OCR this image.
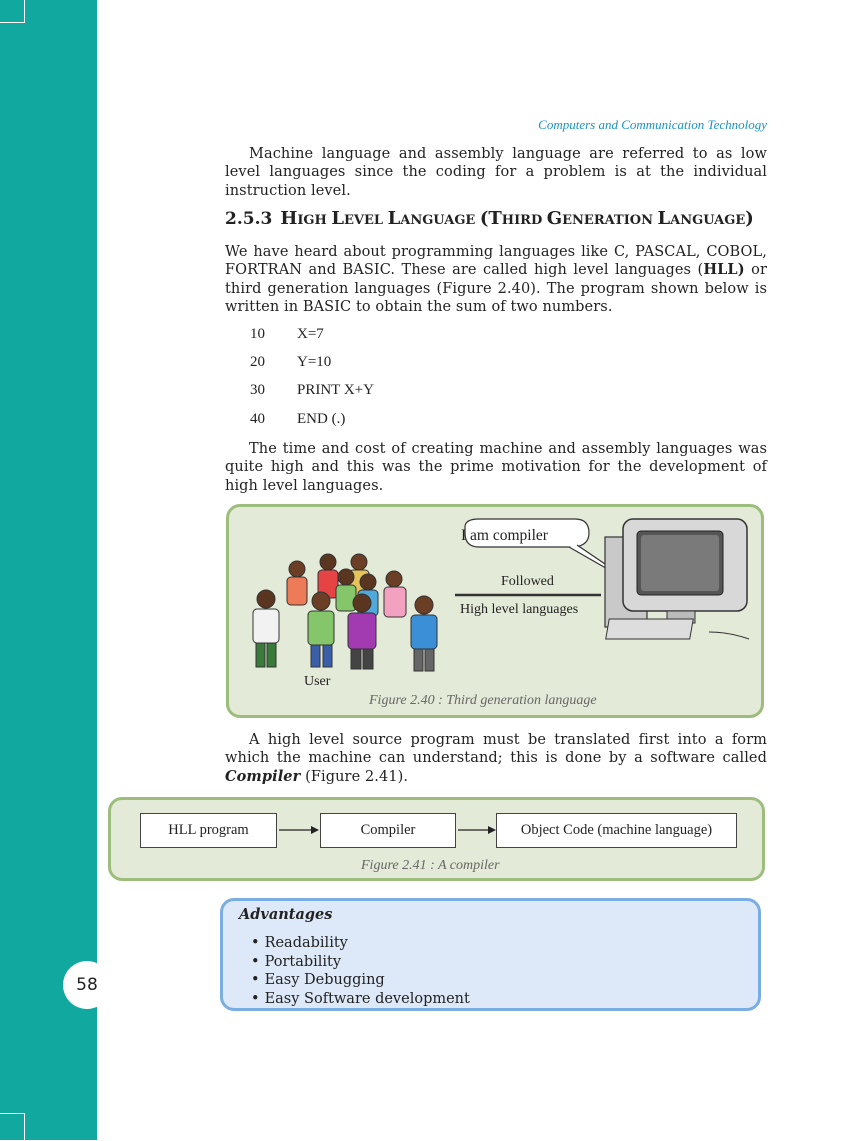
58
Computers and Communication Technology

Machine language and assembly language are referred to as low level languages since the coding for a problem is at the individual instruction level.

2.5.3 HIGH LEVEL LANGUAGE (THIRD GENERATION LANGUAGE)

We have heard about programming languages like C, PASCAL, COBOL, FORTRAN and BASIC. These are called high level languages (HLL) or third generation languages (Figure 2.40). The program shown below is written in BASIC to obtain the sum of two numbers.

10 X=7
20 Y=10
30 PRINT X+Y
40 END (.)

The time and cost of creating machine and assembly languages was quite high and this was the prime motivation for the development of high level languages.

I am compiler
Followed
High level languages
User
Figure 2.40 : Third generation language

A high level source program must be translated first into a form which the machine can understand; this is done by a software called Compiler (Figure 2.41).

HLL program	Compiler	Object Code (machine language)
Figure 2.41 : A compiler
Advantages
• Readability
• Portability
• Easy Debugging
• Easy Software development
